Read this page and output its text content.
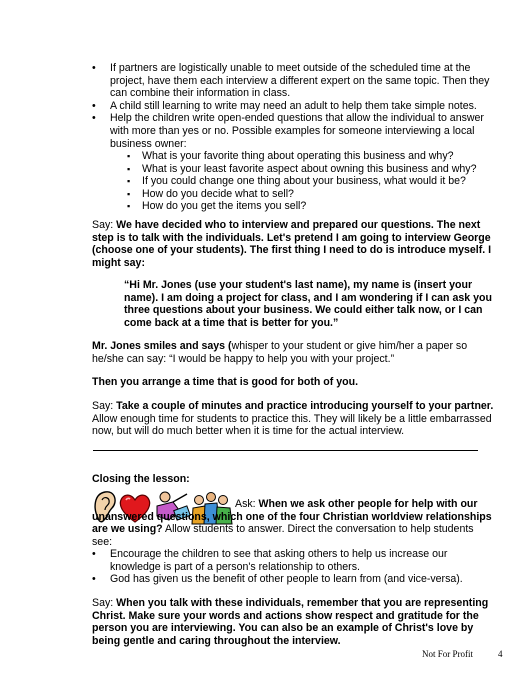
• If partners are logistically unable to meet outside of the scheduled time at the project, have them each interview a different expert on the same topic. Then they can combine their information in class.
• A child still learning to write may need an adult to help them take simple notes.
• Help the children write open-ended questions that allow the individual to answer with more than yes or no. Possible examples for someone interviewing a local business owner:
▪ What is your favorite thing about operating this business and why?
▪ What is your least favorite aspect about owning this business and why?
▪ If you could change one thing about your business, what would it be?
▪ How do you decide what to sell?
▪ How do you get the items you sell?
Say: We have decided who to interview and prepared our questions. The next step is to talk with the individuals. Let's pretend I am going to interview George (choose one of your students). The first thing I need to do is introduce myself. I might say:
“Hi Mr. Jones (use your student's last name), my name is (insert your name). I am doing a project for class, and I am wondering if I can ask you three questions about your business. We could either talk now, or I can come back at a time that is better for you.”
Mr. Jones smiles and says (whisper to your student or give him/her a paper so he/she can say: “I would be happy to help you with your project.”
Then you arrange a time that is good for both of you.
Say: Take a couple of minutes and practice introducing yourself to your partner. Allow enough time for students to practice this. They will likely be a little embarrassed now, but will do much better when it is time for the actual interview.
Closing the lesson:
Ask: When we ask other people for help with our unanswered questions, which one of the four Christian worldview relationships are we using? Allow students to answer. Direct the conversation to help students see:
• Encourage the children to see that asking others to help us increase our knowledge is part of a person's relationship to others.
• God has given us the benefit of other people to learn from (and vice-versa).
Say: When you talk with these individuals, remember that you are representing Christ. Make sure your words and actions show respect and gratitude for the person you are interviewing. You can also be an example of Christ's love by being gentle and caring throughout the interview.
Not For Profit	4
